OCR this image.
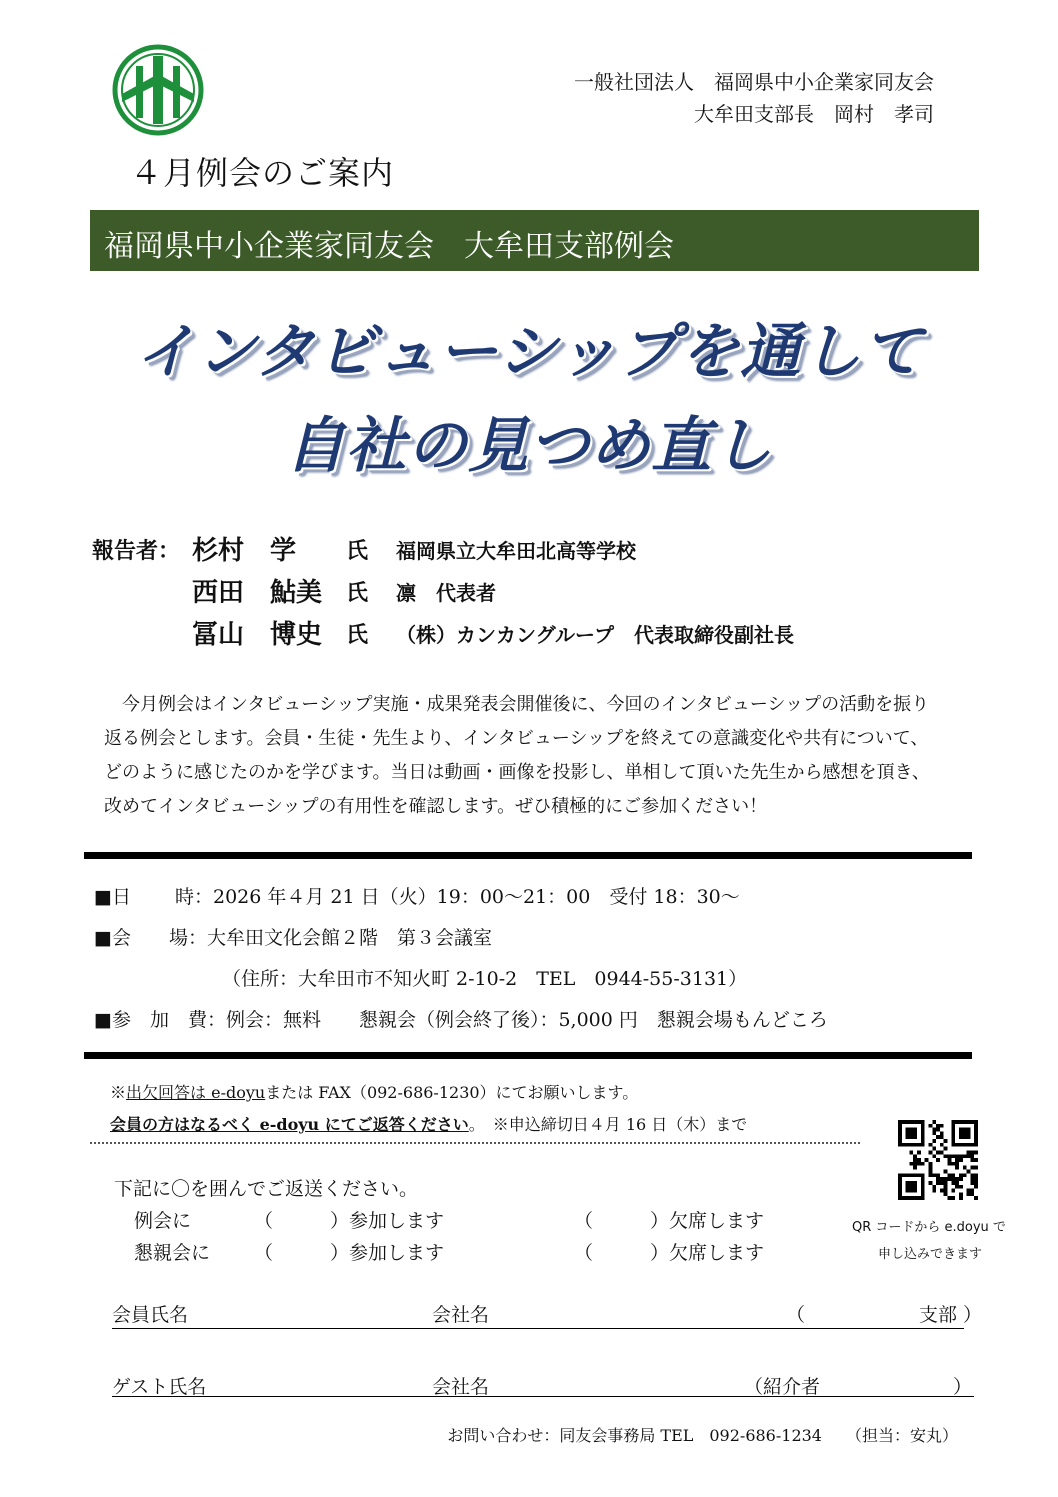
一般社団法人　福岡県中小企業家同友会
大牟田支部長　岡村　孝司
４月例会のご案内
福岡県中小企業家同友会　大牟田支部例会
インタビューシップを通して
自社の見つめ直し
報告者： 杉村　学 氏 福岡県立大牟田北高等学校
西田　鮎美 氏 凛　代表者
冨山　博史 氏 （株）カンカングループ　代表取締役副社長
　今月例会はインタビューシップ実施・成果発表会開催後に、今回のインタビューシップの活動を振り
返る例会とします。会員・生徒・先生より、インタビューシップを終えての意識変化や共有について、
どのように感じたのかを学びます。当日は動画・画像を投影し、単相して頂いた先生から感想を頂き、
改めてインタビューシップの有用性を確認します。ぜひ積極的にご参加ください！
■日　　 時：2026 年４月 21 日（火）19：00～21：00　受付 18：30～
■会　　場：大牟田文化会館２階　第３会議室
（住所：大牟田市不知火町 2-10-2　TEL　0944-55-3131）
■参　加　費：例会：無料　　懇親会（例会終了後）：5,000 円　懇親会場もんどころ
※出欠回答は e-doyuまたは FAX（092-686-1230）にてお願いします。
会員の方はなるべく e-doyu にてご返答ください。　※申込締切日４月 16 日（木）まで
下記に〇を囲んでご返送ください。
例会に	（　　　）参加します	（　　　）欠席します
懇親会に （　　　）参加します	（　　　）欠席します
QR コードから e.doyu で
申し込みできます
会員氏名	会社名	（　　　　　　支部 ）
ゲスト氏名	会社名	（紹介者　　　　　　　）
お問い合わせ：同友会事務局 TEL　092-686-1234　　（担当：安丸）
